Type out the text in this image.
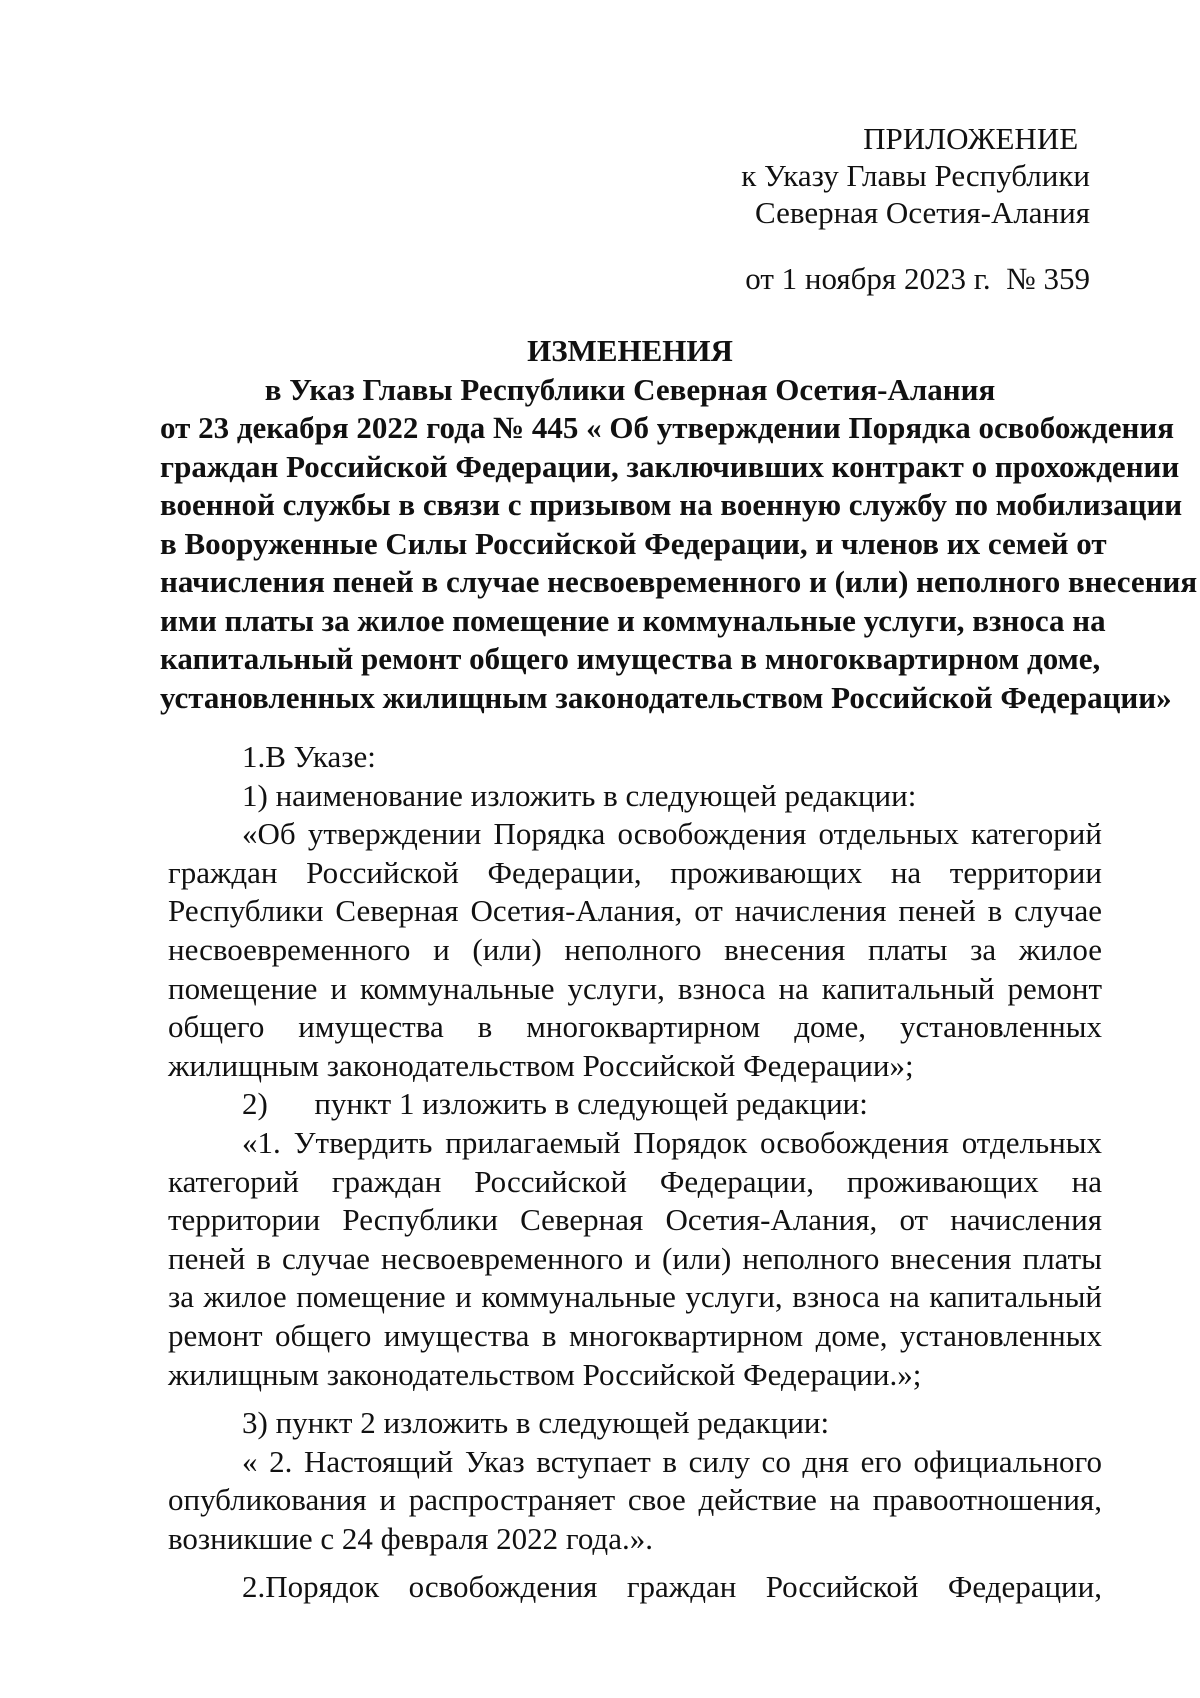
ПРИЛОЖЕНИЕ
к Указу Главы Республики
Северная Осетия-Алания
от 1 ноября 2023 г.  № 359
ИЗМЕНЕНИЯ
в Указ Главы Республики Северная Осетия-Алания
от 23 декабря 2022 года № 445 « Об утверждении Порядка освобождения
граждан Российской Федерации, заключивших контракт о прохождении
военной службы в связи с призывом на военную службу по мобилизации
в Вооруженные Силы Российской Федерации, и членов их семей от
начисления пеней в случае несвоевременного и (или) неполного внесения
ими платы за жилое помещение и коммунальные услуги, взноса на
капитальный ремонт общего имущества в многоквартирном доме,
установленных жилищным законодательством Российской Федерации»

1.В Указе:

1) наименование изложить в следующей редакции:

«Об утверждении Порядка освобождения отдельных категорий граждан Российской Федерации, проживающих на территории Республики Северная Осетия-Алания, от начисления пеней в случае несвоевременного и (или) неполного внесения платы за жилое помещение и коммунальные услуги, взноса на капитальный ремонт общего имущества в многоквартирном доме, установленных жилищным законодательством Российской Федерации»;

2)      пункт 1 изложить в следующей редакции:

«1. Утвердить прилагаемый Порядок освобождения отдельных категорий граждан Российской Федерации, проживающих на территории Республики Северная Осетия-Алания, от начисления пеней в случае несвоевременного и (или) неполного внесения платы за жилое помещение и коммунальные услуги, взноса на капитальный ремонт общего имущества в многоквартирном доме, установленных жилищным законодательством Российской Федерации.»;

3) пункт 2 изложить в следующей редакции:

« 2. Настоящий Указ вступает в силу со дня его официального опубликования и распространяет свое действие на правоотношения, возникшие с 24 февраля 2022 года.».

2.Порядок освобождения граждан Российской Федерации,
